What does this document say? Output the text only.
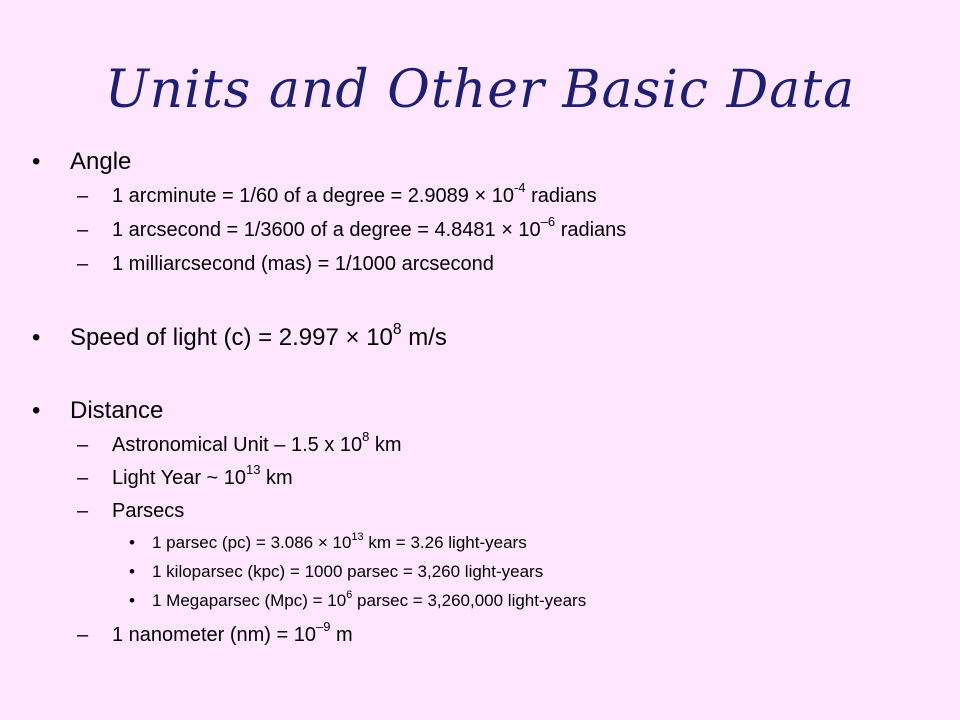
Units and Other Basic Data
• Angle
– 1 arcminute = 1/60 of a degree = $2.9089 \times 10^{-4}$ radians
– 1 arcsecond = 1/3600 of a degree = $4.8481 \times 10^{-6}$ radians
– 1 milliarcsecond (mas) = 1/1000 arcsecond
• Speed of light $(c) = 2.997 \times 10^8$ m/s
• Distance
– Astronomical Unit – 1.5 x $10^8$ km
– Light Year ~ $10^{13}$ km
– Parsecs
• 1 parsec $(pc) = 3.086 \times 10^{13}$ km = 3.26 light-years
• 1 kiloparsec (kpc) = 1000 parsec = 3,260 light-years
• 1 Megaparsec $(Mpc) = 10^6$ parsec = 3,260,000 light-years
– 1 nanometer $(nm) = 10^{-9}$ m
